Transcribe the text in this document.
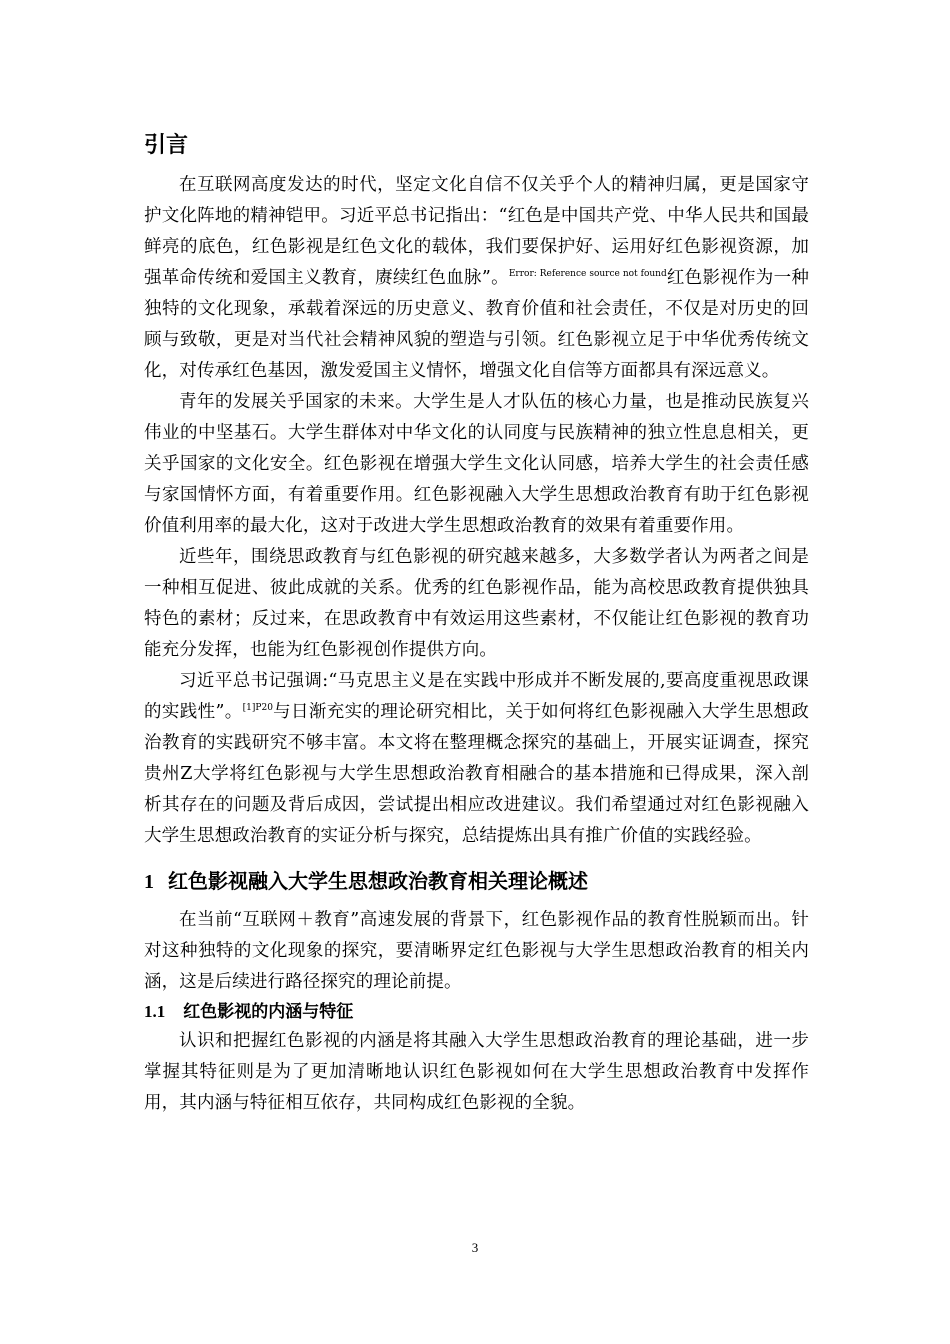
引言

在互联网高度发达的时代，坚定文化自信不仅关乎个人的精神归属，更是国家守护文化阵地的精神铠甲。习近平总书记指出：“红色是中国共产党、中华人民共和国最鲜亮的底色，红色影视是红色文化的载体，我们要保护好、运用好红色影视资源，加强革命传统和爱国主义教育，赓续红色血脉”。$^{Error: Reference source not found}$红色影视作为一种独特的文化现象，承载着深远的历史意义、教育价值和社会责任，不仅是对历史的回顾与致敬，更是对当代社会精神风貌的塑造与引领。红色影视立足于中华优秀传统文化，对传承红色基因，激发爱国主义情怀，增强文化自信等方面都具有深远意义。

青年的发展关乎国家的未来。大学生是人才队伍的核心力量，也是推动民族复兴伟业的中坚基石。大学生群体对中华文化的认同度与民族精神的独立性息息相关，更关乎国家的文化安全。红色影视在增强大学生文化认同感，培养大学生的社会责任感与家国情怀方面，有着重要作用。红色影视融入大学生思想政治教育有助于红色影视价值利用率的最大化，这对于改进大学生思想政治教育的效果有着重要作用。

近些年，围绕思政教育与红色影视的研究越来越多，大多数学者认为两者之间是一种相互促进、彼此成就的关系。优秀的红色影视作品，能为高校思政教育提供独具特色的素材；反过来，在思政教育中有效运用这些素材，不仅能让红色影视的教育功能充分发挥，也能为红色影视创作提供方向。

习近平总书记强调:“马克思主义是在实践中形成并不断发展的,要高度重视思政课的实践性”。$^{[1]P20}$与日渐充实的理论研究相比，关于如何将红色影视融入大学生思想政治教育的实践研究不够丰富。本文将在整理概念探究的基础上，开展实证调查，探究贵州Z大学将红色影视与大学生思想政治教育相融合的基本措施和已得成果，深入剖析其存在的问题及背后成因，尝试提出相应改进建议。我们希望通过对红色影视融入大学生思想政治教育的实证分析与探究，总结提炼出具有推广价值的实践经验。

1 红色影视融入大学生思想政治教育相关理论概述

在当前“互联网＋教育”高速发展的背景下，红色影视作品的教育性脱颖而出。针对这种独特的文化现象的探究，要清晰界定红色影视与大学生思想政治教育的相关内涵，这是后续进行路径探究的理论前提。

1.1 红色影视的内涵与特征

认识和把握红色影视的内涵是将其融入大学生思想政治教育的理论基础，进一步掌握其特征则是为了更加清晰地认识红色影视如何在大学生思想政治教育中发挥作用，其内涵与特征相互依存，共同构成红色影视的全貌。

3
